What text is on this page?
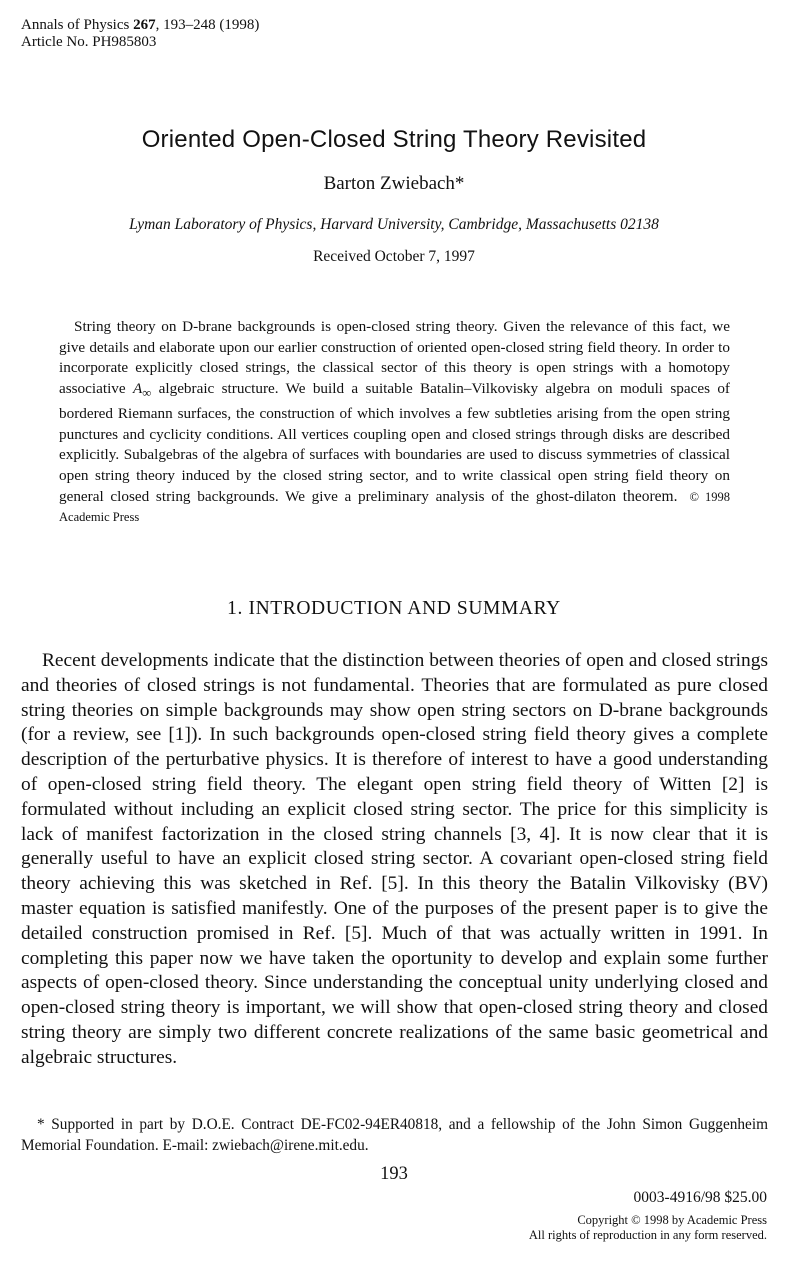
Annals of Physics 267, 193–248 (1998)
Article No. PH985803
Oriented Open-Closed String Theory Revisited
Barton Zwiebach*
Lyman Laboratory of Physics, Harvard University, Cambridge, Massachusetts 02138
Received October 7, 1997
String theory on D-brane backgrounds is open-closed string theory. Given the relevance of this fact, we give details and elaborate upon our earlier construction of oriented open-closed string field theory. In order to incorporate explicitly closed strings, the classical sector of this theory is open strings with a homotopy associative $A_\infty$ algebraic structure. We build a suitable Batalin–Vilkovisky algebra on moduli spaces of bordered Riemann surfaces, the construction of which involves a few subtleties arising from the open string punctures and cyclicity conditions. All vertices coupling open and closed strings through disks are described explicitly. Subalgebras of the algebra of surfaces with boundaries are used to discuss symmetries of classical open string theory induced by the closed string sector, and to write classical open string field theory on general closed string backgrounds. We give a preliminary analysis of the ghost-dilaton theorem. © 1998 Academic Press
1. INTRODUCTION AND SUMMARY
Recent developments indicate that the distinction between theories of open and closed strings and theories of closed strings is not fundamental. Theories that are formulated as pure closed string theories on simple backgrounds may show open string sectors on D-brane backgrounds (for a review, see [1]). In such backgrounds open-closed string field theory gives a complete description of the perturbative physics. It is therefore of interest to have a good understanding of open-closed string field theory. The elegant open string field theory of Witten [2] is formulated without including an explicit closed string sector. The price for this simplicity is lack of manifest factorization in the closed string channels [3, 4]. It is now clear that it is generally useful to have an explicit closed string sector. A covariant open-closed string field theory achieving this was sketched in Ref. [5]. In this theory the Batalin Vilkovisky (BV) master equation is satisfied manifestly. One of the purposes of the present paper is to give the detailed construction promised in Ref. [5]. Much of that was actually written in 1991. In completing this paper now we have taken the oportunity to develop and explain some further aspects of open-closed theory. Since understanding the conceptual unity underlying closed and open-closed string theory is important, we will show that open-closed string theory and closed string theory are simply two different concrete realizations of the same basic geometrical and algebraic structures.
* Supported in part by D.O.E. Contract DE-FC02-94ER40818, and a fellowship of the John Simon Guggenheim Memorial Foundation. E-mail: zwiebach@irene.mit.edu.
193
0003-4916/98 $25.00
Copyright © 1998 by Academic Press
All rights of reproduction in any form reserved.
